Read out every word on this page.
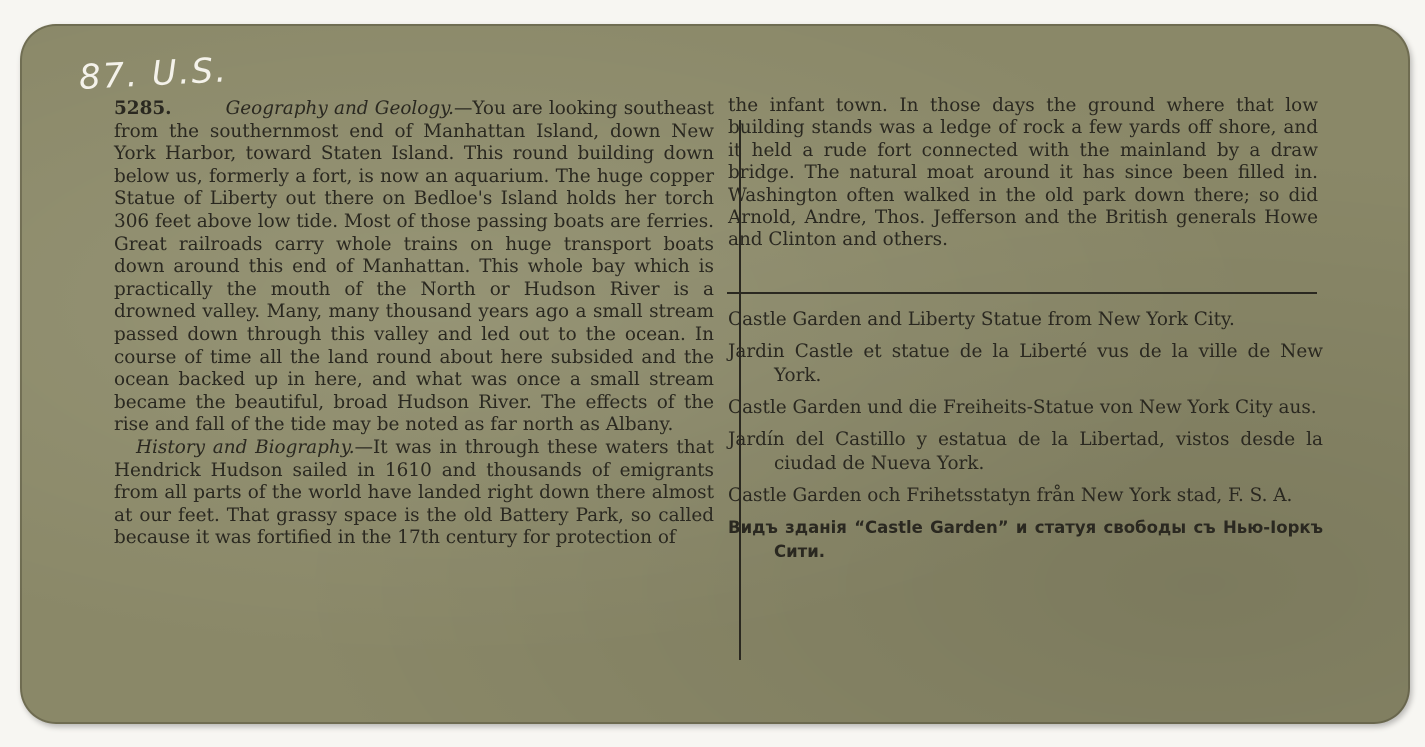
87. U.S.

5285.	Geography and Geology.—You are looking southeast from the southernmost end of Manhattan Island, down New York Harbor, toward Staten Island. This round building down below us, formerly a fort, is now an aquarium. The huge copper Statue of Liberty out there on Bedloe's Island holds her torch 306 feet above low tide. Most of those passing boats are ferries. Great railroads carry whole trains on huge transport boats down around this end of Manhattan. This whole bay which is practically the mouth of the North or Hudson River is a drowned valley. Many, many thousand years ago a small stream passed down through this valley and led out to the ocean. In course of time all the land round about here subsided and the ocean backed up in here, and what was once a small stream became the beautiful, broad Hudson River. The effects of the rise and fall of the tide may be noted as far north as Albany.

History and Biography.—It was in through these waters that Hendrick Hudson sailed in 1610 and thousands of emigrants from all parts of the world have landed right down there almost at our feet. That grassy space is the old Battery Park, so called because it was fortified in the 17th century for protection of

the infant town. In those days the ground where that low building stands was a ledge of rock a few yards off shore, and it held a rude fort connected with the mainland by a draw bridge. The natural moat around it has since been filled in. Washington often walked in the old park down there; so did Arnold, Andre, Thos. Jefferson and the British generals Howe and Clinton and others.

Castle Garden and Liberty Statue from New York City.

Jardin Castle et statue de la Liberté vus de la ville de New York.

Castle Garden und die Freiheits-Statue von New York City aus.

Jardín del Castillo y estatua de la Libertad, vistos desde la ciudad de Nueva York.

Castle Garden och Frihetsstatyn från New York stad, F. S. A.

Видъ зданія “Castle Garden” и статуя свободы съ Нью-Іоркъ Сити.
